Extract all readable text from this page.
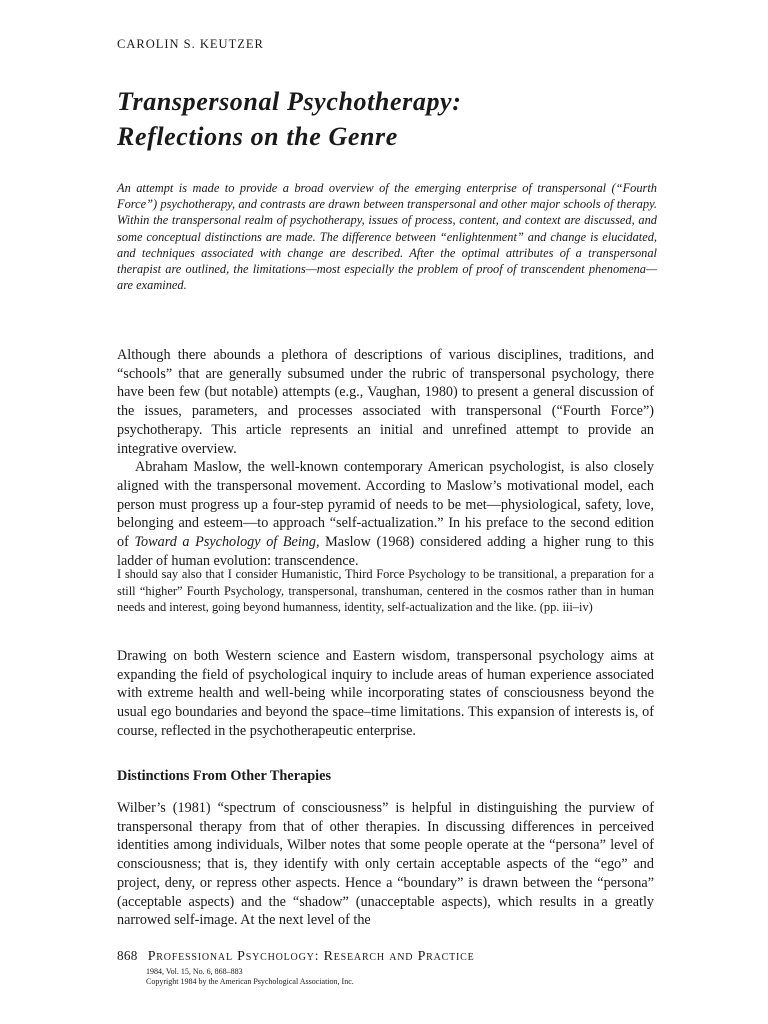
CAROLIN S. KEUTZER
Transpersonal Psychotherapy:
Reflections on the Genre
An attempt is made to provide a broad overview of the emerging enterprise of transpersonal (“Fourth Force”) psychotherapy, and contrasts are drawn between transpersonal and other major schools of therapy. Within the transpersonal realm of psychotherapy, issues of process, content, and context are discussed, and some conceptual distinctions are made. The difference between “enlightenment” and change is elucidated, and techniques associated with change are described. After the optimal attributes of a transpersonal therapist are outlined, the limitations—most especially the problem of proof of transcendent phenomena—are examined.

Although there abounds a plethora of descriptions of various disciplines, traditions, and “schools” that are generally subsumed under the rubric of transpersonal psychology, there have been few (but notable) attempts (e.g., Vaughan, 1980) to present a general discussion of the issues, parameters, and processes associated with transpersonal (“Fourth Force”) psychotherapy. This article represents an initial and unrefined attempt to provide an integrative overview.

Abraham Maslow, the well-known contemporary American psychologist, is also closely aligned with the transpersonal movement. According to Maslow’s motivational model, each person must progress up a four-step pyramid of needs to be met—physiological, safety, love, belonging and esteem—to approach “self-actualization.” In his preface to the second edition of Toward a Psychology of Being, Maslow (1968) considered adding a higher rung to this ladder of human evolution: transcendence.

I should say also that I consider Humanistic, Third Force Psychology to be transitional, a preparation for a still “higher” Fourth Psychology, transpersonal, transhuman, centered in the cosmos rather than in human needs and interest, going beyond humanness, identity, self-actualization and the like. (pp. iii–iv)
Drawing on both Western science and Eastern wisdom, transpersonal psychology aims at expanding the field of psychological inquiry to include areas of human experience associated with extreme health and well-being while incorporating states of consciousness beyond the usual ego boundaries and beyond the space–time limitations. This expansion of interests is, of course, reflected in the psychotherapeutic enterprise.
Distinctions From Other Therapies
Wilber’s (1981) “spectrum of consciousness” is helpful in distinguishing the purview of transpersonal therapy from that of other therapies. In discussing differences in perceived identities among individuals, Wilber notes that some people operate at the “persona” level of consciousness; that is, they identify with only certain acceptable aspects of the “ego” and project, deny, or repress other aspects. Hence a “boundary” is drawn between the “persona” (acceptable aspects) and the “shadow” (unacceptable aspects), which results in a greatly narrowed self-image. At the next level of the
868 Professional Psychology: Research and Practice
1984, Vol. 15, No. 6, 868–883
Copyright 1984 by the American Psychological Association, Inc.
